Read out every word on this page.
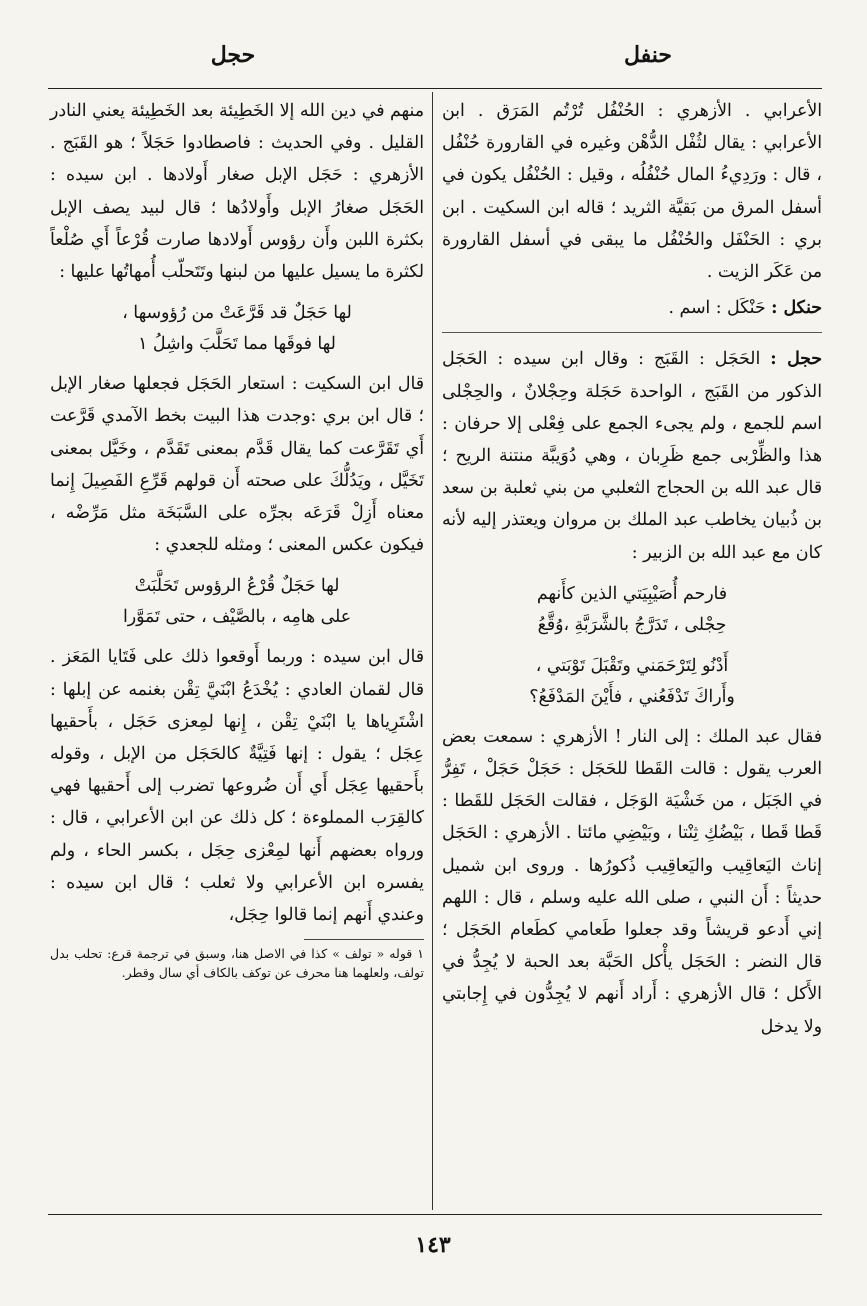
حنفل
حجل

الأعرابي . الأزهري : الحُنْفُل تُرْتُم المَرَق . ابن الأعرابي : يقال لثُفْل الدُّهْن وغيره في القارورة حُنْفُل ، قال : ورَدِيءُ المال حُنْفُلُه ، وقيل : الحُنْفُل يكون في أسفل المرق من بَقيَّة الثريد ؛ قاله ابن السكيت . ابن بري : الحَنْفَل والحُنْفُل ما يبقى في أسفل القارورة من عَكَر الزيت .

حنكل : حَنْكَل : اسم .

حجل : الحَجَل : القَبَج : وقال ابن سيده : الحَجَل الذكور من القَبَج ، الواحدة حَجَلة وحِجْلانٌ ، والحِجْلى اسم للجمع ، ولم يجىء الجمع على فِعْلى إلا حرفان : هذا والظِّرْبى جمع ظَرِبان ، وهي دُوَيبَّة منتنة الريح ؛ قال عبد الله بن الحجاج الثعلبي من بني ثعلبة بن سعد بن ذُبيان يخاطب عبد الملك بن مروان ويعتذر إليه لأنه كان مع عبد الله بن الزبير :

فارحم أُصَيْبِيَتي الذين كأَنهم
حِجْلى ، تَدَرَّجُ بالشَّرَبَّةِ ،وُقَّعُ
أَدْنُو لِتَرْحَمَني وتَقْبَلَ تَوْبَتي ،
وأَراكَ تَدْفَعُني ، فأَيْنَ المَدْفَعُ؟

فقال عبد الملك : إلى النار ! الأزهري : سمعت بعض العرب يقول : قالت القَطا للحَجَل : حَجَلْ حَجَلْ ، تَفِرُّ في الجَبَل ، من خَشْيَة الوَجَل ، فقالت الحَجَل للقَطا : قَطا قَطا ، بَيْضُكِ ثِنْتا ، وبَيْضِي مائتا . الأزهري : الحَجَل إناث اليَعاقِيب واليَعاقِيب ذُكورُها . وروى ابن شميل حديثاً : أَن النبي ، صلى الله عليه وسلم ، قال : اللهم إني أَدعو قريشاً وقد جعلوا طَعامي كطَعام الحَجَل ؛ قال النضر : الحَجَل يأْكل الحَبَّة بعد الحبة لا يُجِدُّ في الأَكل ؛ قال الأزهري : أَراد أَنهم لا يُجِدُّون في إِجابتي ولا يدخل

منهم في دين الله إلا الخَطِيئة بعد الخَطِيئة يعني النادر القليل . وفي الحديث : فاصطادوا حَجَلاً ؛ هو القَبَج . الأزهري : حَجَل الإبل صغار أَولادها . ابن سيده : الحَجَل صغارُ الإبل وأَولادُها ؛ قال لبيد يصف الإبل بكثرة اللبن وأَن رؤوس أَولادها صارت قُرْعاً أَي صُلْعاً لكثرة ما يسيل عليها من لبنها وتَتَحلّب أُمهاتُها عليها :

لها حَجَلٌ قد قَرَّعَتْ من رُؤوسها ،
لها فوقَها مما تَحَلَّبَ واشِلُ ١

قال ابن السكيت : استعار الحَجَل فجعلها صغار الإبل ؛ قال ابن بري :وجدت هذا البيت بخط الآمدي قَرَّعت أَي تَقَرَّعت كما يقال قَدَّم بمعنى تَقَدَّم ، وخَيَّل بمعنى تَخَيَّل ، ويَدُلُّكَ على صحته أَن قولهم قَرِّعِ الفَصِيلَ إِنما معناه أَزِلْ قَرَعَه بجرِّه على السَّبَخَة مثل مَرِّضْه ، فيكون عكس المعنى ؛ ومثله للجعدي :

لها حَجَلٌ قُرْعُ الرؤوس تَحَلَّبَتْ
على هامِه ، بالصَّيْف ، حتى تَمَوَّرا

قال ابن سيده : وربما أَوقعوا ذلك على فَتَايا المَعَز . قال لقمان العادي : يُخْدَعُ ابْنَيَّ تِقْن بغنمه عن إبلها : اشْتَرِياها يا ابْنَيْ تِقْن ، إِنها لمِعزى حَجَل ، بأَحقيها عِجَل ؛ يقول : إنها فَتِيَّةٌ كالحَجَل من الإبل ، وقوله بأَحقيها عِجَل أَي أَن ضُروعها تضرب إلى أَحقيها فهي كالقِرَب المملوءة ؛ كل ذلك عن ابن الأعرابي ، قال : ورواه بعضهم أَنها لمِعْزى حِجَل ، بكسر الحاء ، ولم يفسره ابن الأعرابي ولا ثعلب ؛ قال ابن سيده : وعندي أَنهم إنما قالوا حِجَل،

١ قوله « تولف » كذا في الاصل هنا، وسبق في ترجمة قرع: تحلب بدل تولف، ولعلهما هنا محرف عن توكف بالكاف أي سال وقطر.

١٤٣
